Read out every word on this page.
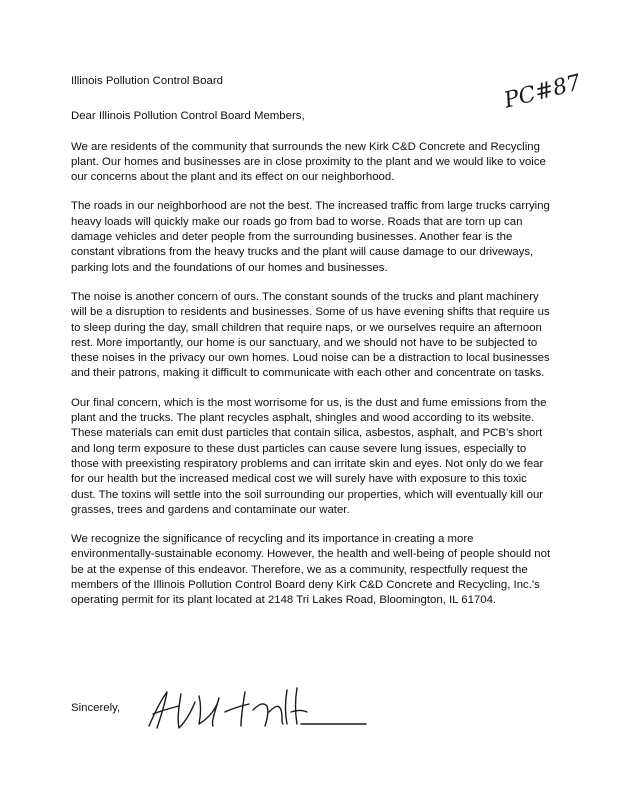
PC#87

Illinois Pollution Control Board

Dear Illinois Pollution Control Board Members,

We are residents of the community that surrounds the new Kirk C&D Concrete and Recycling plant. Our homes and businesses are in close proximity to the plant and we would like to voice our concerns about the plant and its effect on our neighborhood.

The roads in our neighborhood are not the best. The increased traffic from large trucks carrying heavy loads will quickly make our roads go from bad to worse. Roads that are torn up can damage vehicles and deter people from the surrounding businesses. Another fear is the constant vibrations from the heavy trucks and the plant will cause damage to our driveways, parking lots and the foundations of our homes and businesses.

The noise is another concern of ours. The constant sounds of the trucks and plant machinery will be a disruption to residents and businesses. Some of us have evening shifts that require us to sleep during the day, small children that require naps, or we ourselves require an afternoon rest. More importantly, our home is our sanctuary, and we should not have to be subjected to these noises in the privacy our own homes. Loud noise can be a distraction to local businesses and their patrons, making it difficult to communicate with each other and concentrate on tasks.

Our final concern, which is the most worrisome for us, is the dust and fume emissions from the plant and the trucks. The plant recycles asphalt, shingles and wood according to its website. These materials can emit dust particles that contain silica, asbestos, asphalt, and PCB's short and long term exposure to these dust particles can cause severe lung issues, especially to those with preexisting respiratory problems and can irritate skin and eyes. Not only do we fear for our health but the increased medical cost we will surely have with exposure to this toxic dust. The toxins will settle into the soil surrounding our properties, which will eventually kill our grasses, trees and gardens and contaminate our water.

We recognize the significance of recycling and its importance in creating a more environmentally-sustainable economy. However, the health and well-being of people should not be at the expense of this endeavor. Therefore, we as a community, respectfully request the members of the Illinois Pollution Control Board deny Kirk C&D Concrete and Recycling, Inc.'s operating permit for its plant located at 2148 Tri Lakes Road, Bloomington, IL 61704.

Sincerely,
